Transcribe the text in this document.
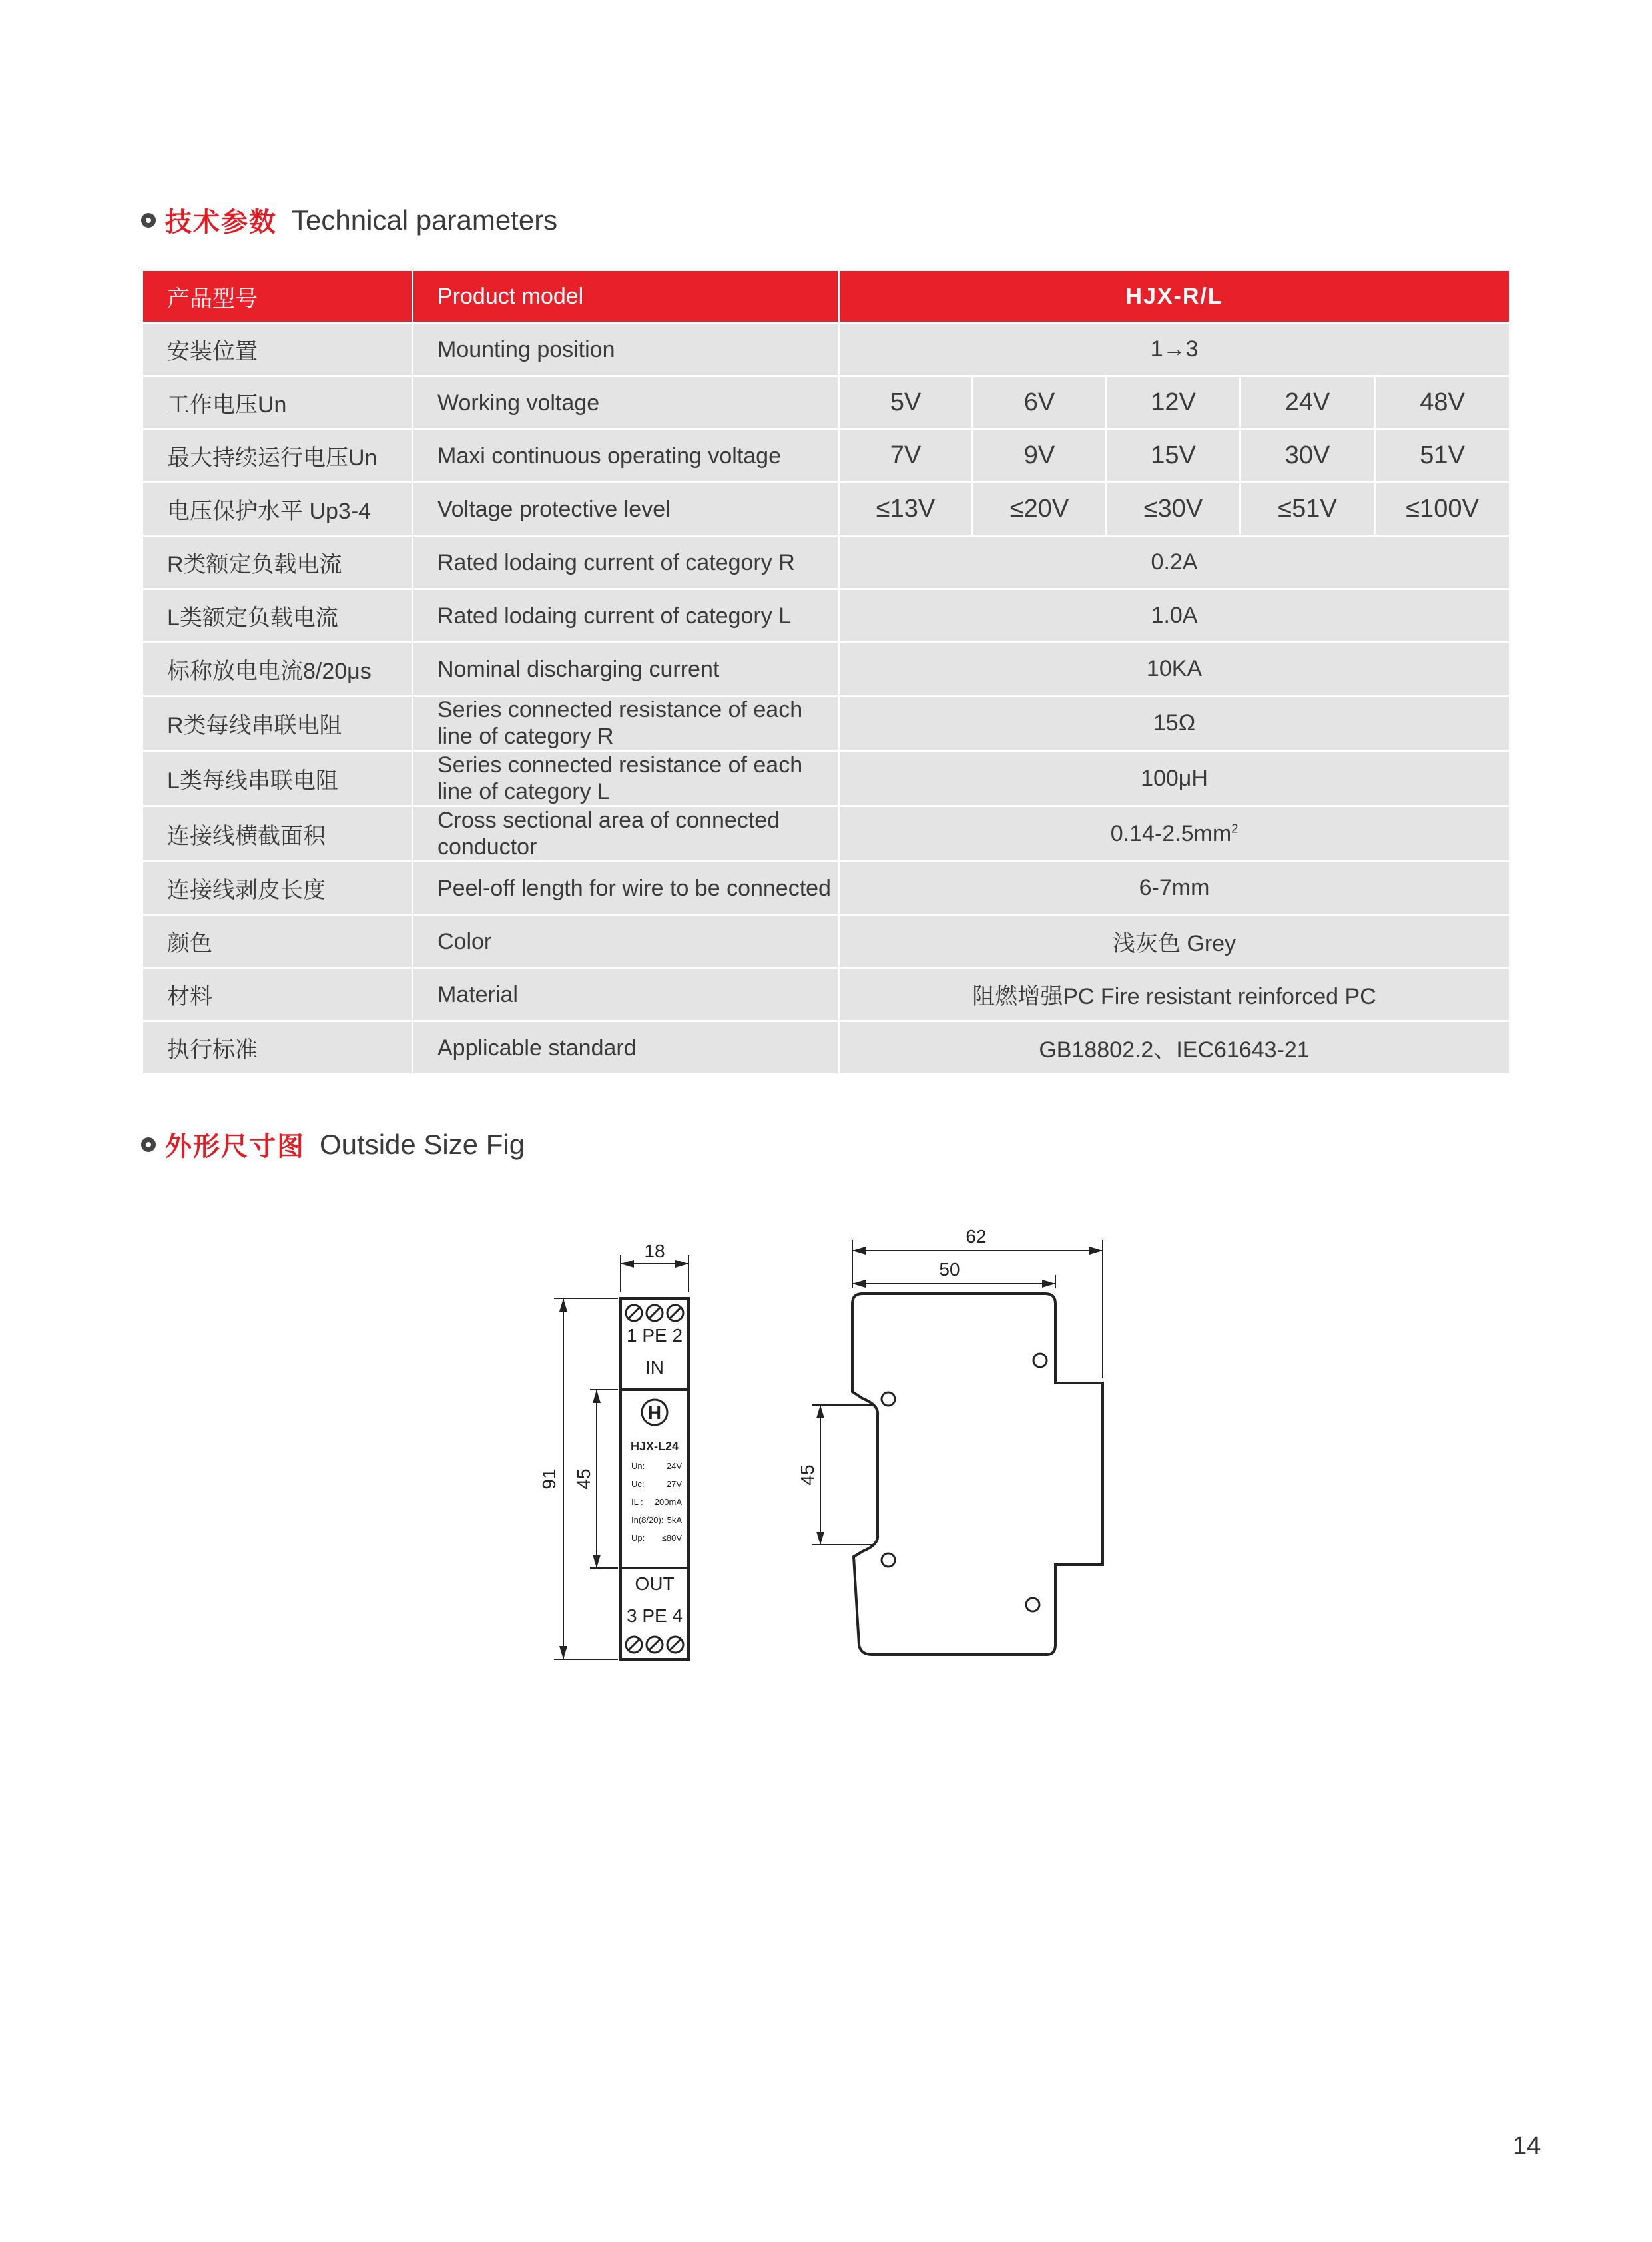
技术参数 Technical parameters
产品型号	Product model	HJX-R/L				
安装位置	Mounting position	1→3				
工作电压Un	Working voltage	5V	6V	12V	24V	48V
最大持续运行电压Un	Maxi continuous operating voltage	7V	9V	15V	30V	51V
电压保护水平 Up3-4	Voltage protective level	≤13V	≤20V	≤30V	≤51V	≤100V
R类额定负载电流	Rated lodaing current of category R	0.2A				
L类额定负载电流	Rated lodaing current of category L	1.0A				
标称放电电流8/20μs	Nominal discharging current	10KA				
R类每线串联电阻	Series connected resistance of each line of category R	15Ω				
L类每线串联电阻	Series connected resistance of each line of category L	100μH				
连接线横截面积	Cross sectional area of connected conductor	$0.14-2.5mm^2$
连接线剥皮长度	Peel-off length for wire to be connected	6-7mm				
颜色	Color	浅灰色 Grey				
材料	Material	阻燃增强PC Fire resistant reinforced PC				
执行标准	Applicable standard	GB18802.2、IEC61643-21				
外形尺寸图 Outside Size Fig
H
1 PE 2
IN
HJX-L24
Un:	24V
Uc:	27V
IL : 200mA
In(8/20): 5kA
Up: ≤80V
OUT
3 PE 4
18
91 45
62
50
45
14
